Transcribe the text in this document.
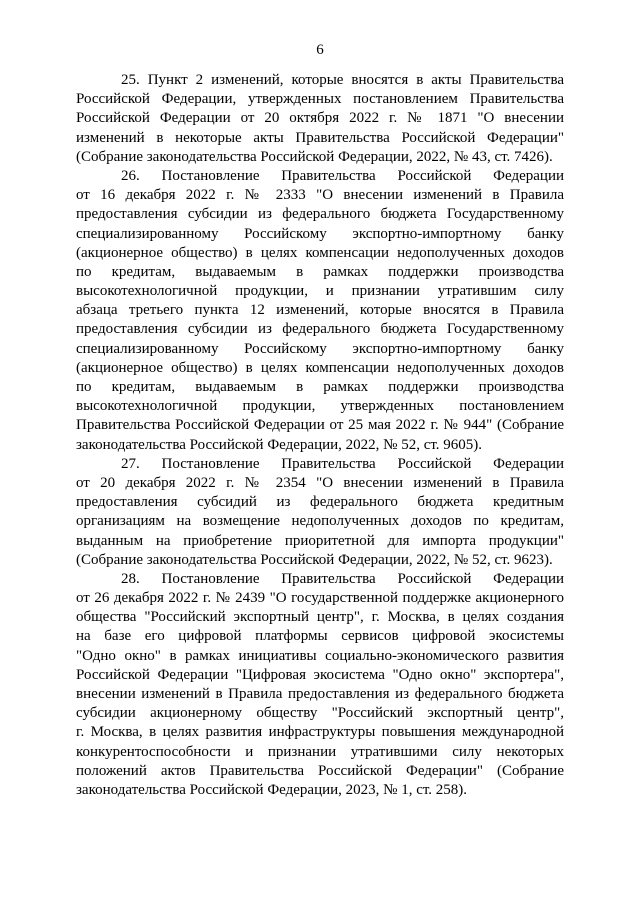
6

25. Пункт 2 изменений, которые вносятся в акты Правительства
Российской Федерации, утвержденных постановлением Правительства
Российской Федерации от 20 октября 2022 г. № 1871 "О внесении
изменений в некоторые акты Правительства Российской Федерации"
(Собрание законодательства Российской Федерации, 2022, № 43, ст. 7426).

26. Постановление Правительства Российской Федерации
от 16 декабря 2022 г. № 2333 "О внесении изменений в Правила
предоставления субсидии из федерального бюджета Государственному
специализированному Российскому экспортно-импортному банку
(акционерное общество) в целях компенсации недополученных доходов
по кредитам, выдаваемым в рамках поддержки производства
высокотехнологичной продукции, и признании утратившим силу
абзаца третьего пункта 12 изменений, которые вносятся в Правила
предоставления субсидии из федерального бюджета Государственному
специализированному Российскому экспортно-импортному банку
(акционерное общество) в целях компенсации недополученных доходов
по кредитам, выдаваемым в рамках поддержки производства
высокотехнологичной продукции, утвержденных постановлением
Правительства Российской Федерации от 25 мая 2022 г. № 944" (Собрание
законодательства Российской Федерации, 2022, № 52, ст. 9605).

27. Постановление Правительства Российской Федерации
от 20 декабря 2022 г. № 2354 "О внесении изменений в Правила
предоставления субсидий из федерального бюджета кредитным
организациям на возмещение недополученных доходов по кредитам,
выданным на приобретение приоритетной для импорта продукции"
(Собрание законодательства Российской Федерации, 2022, № 52, ст. 9623).

28. Постановление Правительства Российской Федерации
от 26 декабря 2022 г. № 2439 "О государственной поддержке акционерного
общества "Российский экспортный центр", г. Москва, в целях создания
на базе его цифровой платформы сервисов цифровой экосистемы
"Одно окно" в рамках инициативы социально-экономического развития
Российской Федерации "Цифровая экосистема "Одно окно" экспортера",
внесении изменений в Правила предоставления из федерального бюджета
субсидии акционерному обществу "Российский экспортный центр",
г. Москва, в целях развития инфраструктуры повышения международной
конкурентоспособности и признании утратившими силу некоторых
положений актов Правительства Российской Федерации" (Собрание
законодательства Российской Федерации, 2023, № 1, ст. 258).
